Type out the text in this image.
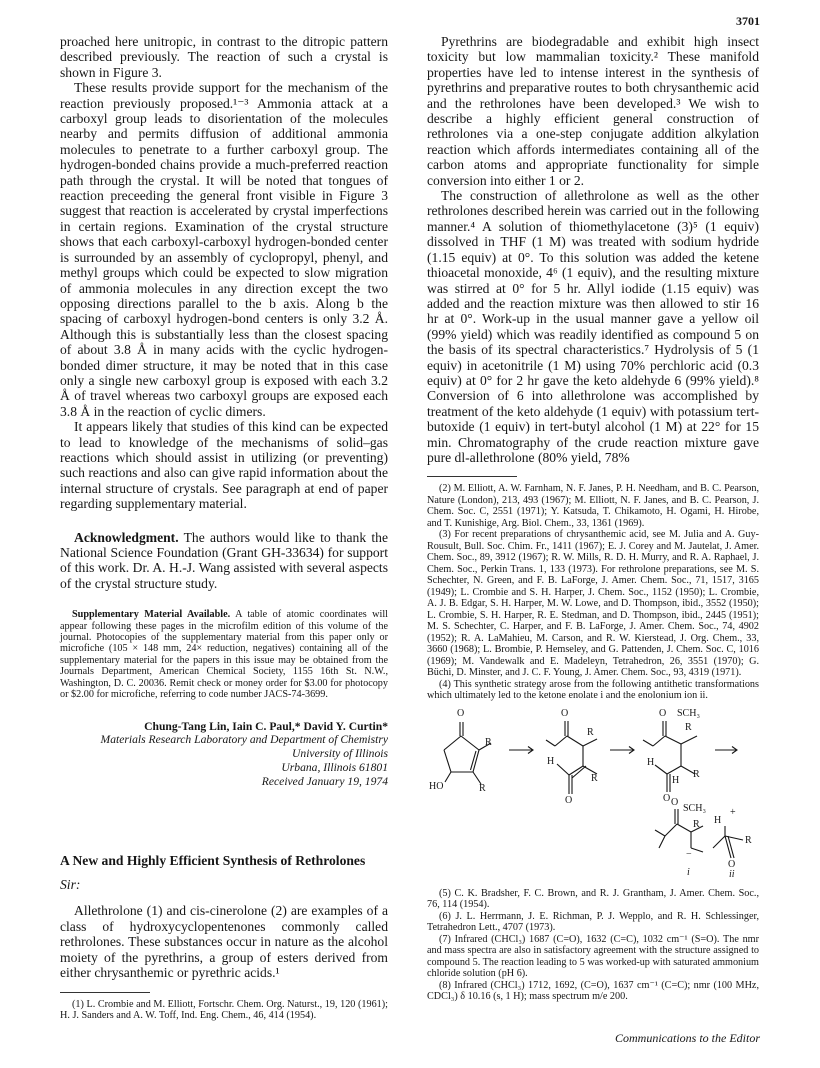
3701

proached here unitropic, in contrast to the ditropic pattern described previously. The reaction of such a crystal is shown in Figure 3.

These results provide support for the mechanism of the reaction previously proposed.¹⁻³ Ammonia attack at a carboxyl group leads to disorientation of the molecules nearby and permits diffusion of additional ammonia molecules to penetrate to a further carboxyl group. The hydrogen-bonded chains provide a much-preferred reaction path through the crystal. It will be noted that tongues of reaction preceeding the general front visible in Figure 3 suggest that reaction is accelerated by crystal imperfections in certain regions. Examination of the crystal structure shows that each carboxyl-carboxyl hydrogen-bonded center is surrounded by an assembly of cyclopropyl, phenyl, and methyl groups which could be expected to slow migration of ammonia molecules in any direction except the two opposing directions parallel to the b axis. Along b the spacing of carboxyl hydrogen-bond centers is only 3.2 Å. Although this is substantially less than the closest spacing of about 3.8 Å in many acids with the cyclic hydrogen-bonded dimer structure, it may be noted that in this case only a single new carboxyl group is exposed with each 3.2 Å of travel whereas two carboxyl groups are exposed each 3.8 Å in the reaction of cyclic dimers.

It appears likely that studies of this kind can be expected to lead to knowledge of the mechanisms of solid–gas reactions which should assist in utilizing (or preventing) such reactions and also can give rapid information about the internal structure of crystals. See paragraph at end of paper regarding supplementary material.

Acknowledgment. The authors would like to thank the National Science Foundation (Grant GH-33634) for support of this work. Dr. A. H.-J. Wang assisted with several aspects of the crystal structure study.

Supplementary Material Available. A table of atomic coordinates will appear following these pages in the microfilm edition of this volume of the journal. Photocopies of the supplementary material from this paper only or microfiche (105 × 148 mm, 24× reduction, negatives) containing all of the supplementary material for the papers in this issue may be obtained from the Journals Department, American Chemical Society, 1155 16th St. N.W., Washington, D. C. 20036. Remit check or money order for $3.00 for photocopy or $2.00 for microfiche, referring to code number JACS-74-3699.

Chung-Tang Lin, Iain C. Paul,* David Y. Curtin*

Materials Research Laboratory and Department of Chemistry

University of Illinois

Urbana, Illinois 61801

Received January 19, 1974

A New and Highly Efficient Synthesis of Rethrolones

Sir:

Allethrolone (1) and cis-cinerolone (2) are examples of a class of hydroxycyclopentenones commonly called rethrolones. These substances occur in nature as the alcohol moiety of the pyrethrins, a group of esters derived from either chrysanthemic or pyrethric acids.¹

(1) L. Crombie and M. Elliott, Fortschr. Chem. Org. Naturst., 19, 120 (1961); H. J. Sanders and A. W. Toff, Ind. Eng. Chem., 46, 414 (1954).

Pyrethrins are biodegradable and exhibit high insect toxicity but low mammalian toxicity.² These manifold properties have led to intense interest in the synthesis of pyrethrins and preparative routes to both chrysanthemic acid and the rethrolones have been developed.³ We wish to describe a highly efficient general construction of rethrolones via a one-step conjugate addition alkylation reaction which affords intermediates containing all of the carbon atoms and appropriate functionality for simple conversion into either 1 or 2.

The construction of allethrolone as well as the other rethrolones described herein was carried out in the following manner.⁴ A solution of thiomethylacetone (3)⁵ (1 equiv) dissolved in THF (1 M) was treated with sodium hydride (1.15 equiv) at 0°. To this solution was added the ketene thioacetal monoxide, 4⁶ (1 equiv), and the resulting mixture was stirred at 0° for 5 hr. Allyl iodide (1.15 equiv) was added and the reaction mixture was then allowed to stir 16 hr at 0°. Work-up in the usual manner gave a yellow oil (99% yield) which was readily identified as compound 5 on the basis of its spectral characteristics.⁷ Hydrolysis of 5 (1 equiv) in acetonitrile (1 M) using 70% perchloric acid (0.3 equiv) at 0° for 2 hr gave the keto aldehyde 6 (99% yield).⁸ Conversion of 6 into allethrolone was accomplished by treatment of the keto aldehyde (1 equiv) with potassium tert-butoxide (1 equiv) in tert-butyl alcohol (1 M) at 22° for 15 min. Chromatography of the crude reaction mixture gave pure dl-allethrolone (80% yield, 78%

(2) M. Elliott, A. W. Farnham, N. F. Janes, P. H. Needham, and B. C. Pearson, Nature (London), 213, 493 (1967); M. Elliott, N. F. Janes, and B. C. Pearson, J. Chem. Soc. C, 2551 (1971); Y. Katsuda, T. Chikamoto, H. Ogami, H. Hirobe, and T. Kunishige, Arg. Biol. Chem., 33, 1361 (1969).

(3) For recent preparations of chrysanthemic acid, see M. Julia and A. Guy-Rousult, Bull. Soc. Chim. Fr., 1411 (1967); E. J. Corey and M. Jautelat, J. Amer. Chem. Soc., 89, 3912 (1967); R. W. Mills, R. D. H. Murry, and R. A. Raphael, J. Chem. Soc., Perkin Trans. 1, 133 (1973). For rethrolone preparations, see M. S. Schechter, N. Green, and F. B. LaForge, J. Amer. Chem. Soc., 71, 1517, 3165 (1949); L. Crombie and S. H. Harper, J. Chem. Soc., 1152 (1950); L. Crombie, A. J. B. Edgar, S. H. Harper, M. W. Lowe, and D. Thompson, ibid., 3552 (1950); L. Crombie, S. H. Harper, R. E. Stedman, and D. Thompson, ibid., 2445 (1951); M. S. Schechter, C. Harper, and F. B. LaForge, J. Amer. Chem. Soc., 74, 4902 (1952); R. A. LaMahieu, M. Carson, and R. W. Kierstead, J. Org. Chem., 33, 3660 (1968); L. Brombie, P. Hemseley, and G. Pattenden, J. Chem. Soc. C, 1016 (1969); M. Vandewalk and E. Madeleyn, Tetrahedron, 26, 3551 (1970); G. Büchi, D. Minster, and J. C. F. Young, J. Amer. Chem. Soc., 93, 4319 (1971).

(4) This synthetic strategy arose from the following antithetic transformations which ultimately led to the ketone enolate i and the enolonium ion ii.

O
R
HO	R
O
R
H
R
O
O SCH₃
R
H
R
H
O O
SCH₃
R
−
i
H
+
R
O
ii

(5) C. K. Bradsher, F. C. Brown, and R. J. Grantham, J. Amer. Chem. Soc., 76, 114 (1954).

(6) J. L. Herrmann, J. E. Richman, P. J. Wepplo, and R. H. Schlessinger, Tetrahedron Lett., 4707 (1973).

(7) Infrared (CHCl₃) 1687 (C=O), 1632 (C=C), 1032 cm⁻¹ (S=O). The nmr and mass spectra are also in satisfactory agreement with the structure assigned to compound 5. The reaction leading to 5 was worked-up with saturated ammonium chloride solution (pH 6).

(8) Infrared (CHCl₃) 1712, 1692, (C=O), 1637 cm⁻¹ (C=C); nmr (100 MHz, CDCl₃) δ 10.16 (s, 1 H); mass spectrum m/e 200.

Communications to the Editor
